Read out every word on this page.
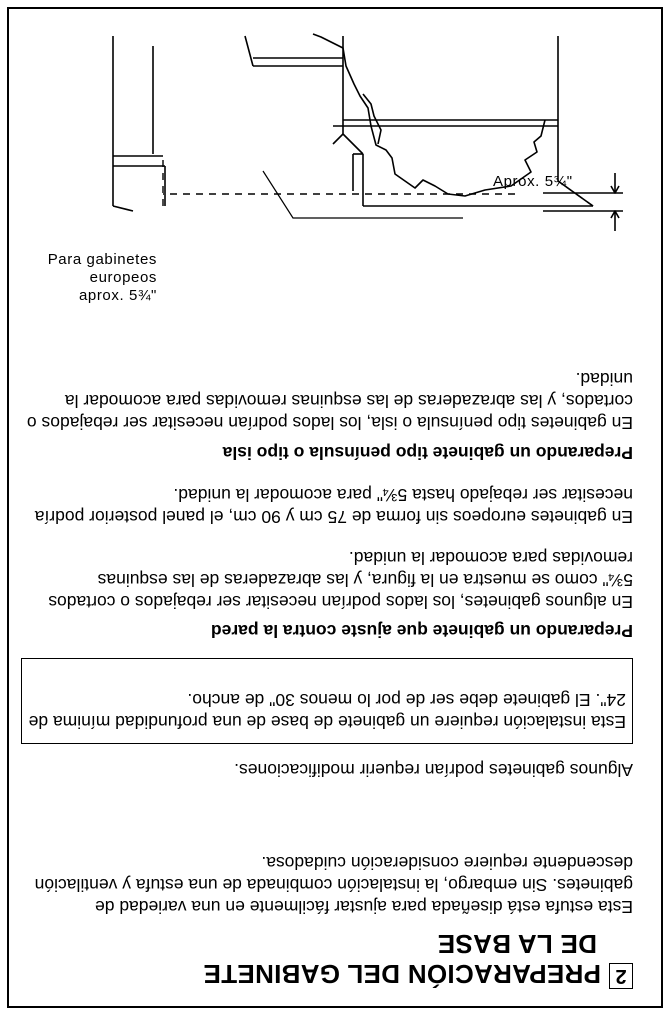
2PREPARACIÓN DEL GABINETE
DE LA BASE

Esta estufa está diseñada para ajustar fácilmente en una variedad de gabinetes. Sin embargo, la instalación combinada de una estufa y ventilación descendente requiere consideración cuidadosa.

Algunos gabinetes podrían requerir modificaciones.

Esta instalación requiere un gabinete de base de una profundidad mínima de 24". El gabinete debe ser de por lo menos 30" de ancho.

Preparando un gabinete que ajuste contra la pared

En algunos gabinetes, los lados podrían necesitar ser rebajados o cortados 5¾" como se muestra en la figura, y las abrazaderas de las esquinas removidas para acomodar la unidad.

En gabinetes europeos sin forma de 75 cm y 90 cm, el panel posterior podría necesitar ser rebajado hasta 5¾" para acomodar la unidad.

Preparando un gabinete tipo península o tipo isla

En gabinetes tipo península o isla, los lados podrían necesitar ser rebajados o cortados, y las abrazaderas de las esquinas removidas para acomodar la unidad.

Para gabinetes
europeos
aprox. 5¾"
Aprox. 5¾"
